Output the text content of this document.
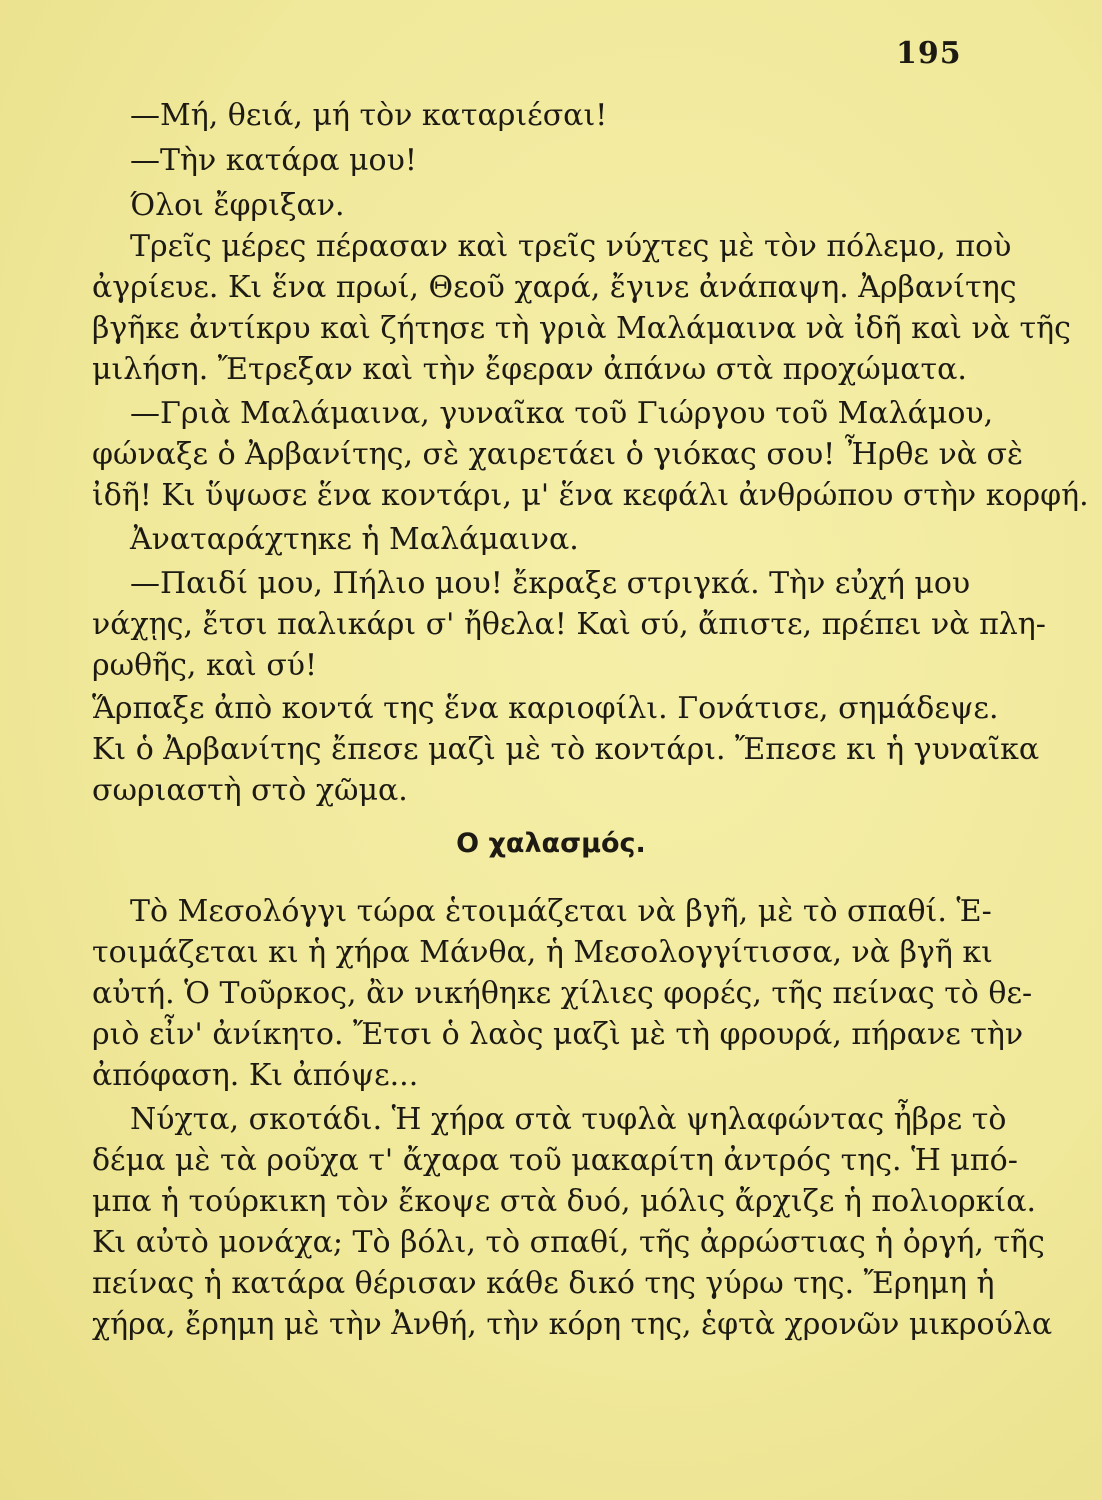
195
—Μή, θειά, μή τὸν καταριέσαι!
—Τὴν κατάρα μου!
Όλοι ἔφριξαν.
Τρεῖς μέρες πέρασαν καὶ τρεῖς νύχτες μὲ τὸν πόλεμο, ποὺ
ἀγρίευε. Κι ἕνα πρωί, Θεοῦ χαρά, ἔγινε ἀνάπαψη. Ἀρβανίτης
βγῆκε ἀντίκρυ καὶ ζήτησε τὴ γριὰ Μαλάμαινα νὰ ἰδῆ καὶ νὰ τῆς
μιλήση. Ἔτρεξαν καὶ τὴν ἔφεραν ἀπάνω στὰ προχώματα.
—Γριὰ Μαλάμαινα, γυναῖκα τοῦ Γιώργου τοῦ Μαλάμου,
φώναξε ὁ Ἀρβανίτης, σὲ χαιρετάει ὁ γιόκας σου! Ἦρθε νὰ σὲ
ἰδῆ! Κι ὕψωσε ἕνα κοντάρι, μ' ἕνα κεφάλι ἀνθρώπου στὴν κορφή.
Ἀναταράχτηκε ἡ Μαλάμαινα.
—Παιδί μου, Πήλιο μου! ἔκραξε στριγκά. Τὴν εὐχή μου
νάχῃς, ἔτσι παλικάρι σ' ἤθελα! Καὶ σύ, ἄπιστε, πρέπει νὰ πλη-
ρωθῆς, καὶ σύ!
Ἅρπαξε ἀπὸ κοντά της ἕνα καριοφίλι. Γονάτισε, σημάδεψε.
Κι ὁ Ἀρβανίτης ἔπεσε μαζὶ μὲ τὸ κοντάρι. Ἔπεσε κι ἡ γυναῖκα
σωριαστὴ στὸ χῶμα.
Ο χαλασμός.
Τὸ Μεσολόγγι τώρα ἑτοιμάζεται νὰ βγῆ, μὲ τὸ σπαθί. Ἑ-
τοιμάζεται κι ἡ χήρα Μάνθα, ἡ Μεσολογγίτισσα, νὰ βγῆ κι
αὐτή. Ὁ Τοῦρκος, ἂν νικήθηκε χίλιες φορές, τῆς πείνας τὸ θε-
ριὸ εἶν' ἀνίκητο. Ἔτσι ὁ λαὸς μαζὶ μὲ τὴ φρουρά, πήρανε τὴν
ἀπόφαση. Κι ἀπόψε...
Νύχτα, σκοτάδι. Ἡ χήρα στὰ τυφλὰ ψηλαφώντας ἦβρε τὸ
δέμα μὲ τὰ ροῦχα τ' ἄχαρα τοῦ μακαρίτη ἀντρός της. Ἡ μπό-
μπα ἡ τούρκικη τὸν ἔκοψε στὰ δυό, μόλις ἄρχιζε ἡ πολιορκία.
Κι αὐτὸ μονάχα; Τὸ βόλι, τὸ σπαθί, τῆς ἀρρώστιας ἡ ὀργή, τῆς
πείνας ἡ κατάρα θέρισαν κάθε δικό της γύρω της. Ἔρημη ἡ
χήρα, ἔρημη μὲ τὴν Ἀνθή, τὴν κόρη της, ἑφτὰ χρονῶν μικρούλα
